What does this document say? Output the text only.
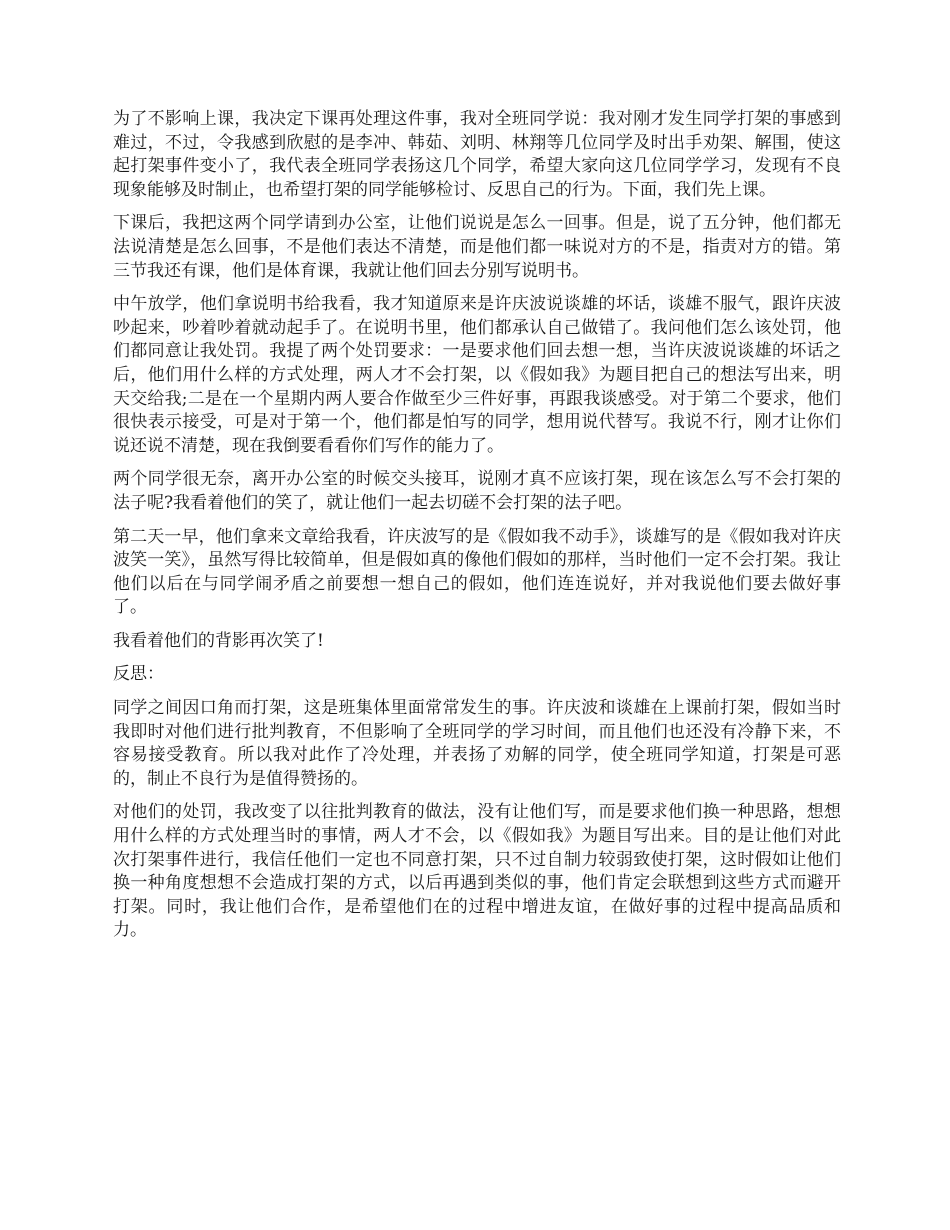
为了不影响上课，我决定下课再处理这件事，我对全班同学说：我对刚才发生同学打架的事感到难过，不过，令我感到欣慰的是李冲、韩茹、刘明、林翔等几位同学及时出手劝架、解围，使这起打架事件变小了，我代表全班同学表扬这几个同学，希望大家向这几位同学学习，发现有不良现象能够及时制止，也希望打架的同学能够检讨、反思自己的行为。下面，我们先上课。

下课后，我把这两个同学请到办公室，让他们说说是怎么一回事。但是，说了五分钟，他们都无法说清楚是怎么回事，不是他们表达不清楚，而是他们都一味说对方的不是，指责对方的错。第三节我还有课，他们是体育课，我就让他们回去分别写说明书。

中午放学，他们拿说明书给我看，我才知道原来是许庆波说谈雄的坏话，谈雄不服气，跟许庆波吵起来，吵着吵着就动起手了。在说明书里，他们都承认自己做错了。我问他们怎么该处罚，他们都同意让我处罚。我提了两个处罚要求：一是要求他们回去想一想，当许庆波说谈雄的坏话之后，他们用什么样的方式处理，两人才不会打架，以《假如我》为题目把自己的想法写出来，明天交给我;二是在一个星期内两人要合作做至少三件好事，再跟我谈感受。对于第二个要求，他们很快表示接受，可是对于第一个，他们都是怕写的同学，想用说代替写。我说不行，刚才让你们说还说不清楚，现在我倒要看看你们写作的能力了。

两个同学很无奈，离开办公室的时候交头接耳，说刚才真不应该打架，现在该怎么写不会打架的法子呢?我看着他们的笑了，就让他们一起去切磋不会打架的法子吧。

第二天一早，他们拿来文章给我看，许庆波写的是《假如我不动手》，谈雄写的是《假如我对许庆波笑一笑》，虽然写得比较简单，但是假如真的像他们假如的那样，当时他们一定不会打架。我让他们以后在与同学闹矛盾之前要想一想自己的假如，他们连连说好，并对我说他们要去做好事了。

我看着他们的背影再次笑了!

反思：

同学之间因口角而打架，这是班集体里面常常发生的事。许庆波和谈雄在上课前打架，假如当时我即时对他们进行批判教育，不但影响了全班同学的学习时间，而且他们也还没有冷静下来，不容易接受教育。所以我对此作了冷处理，并表扬了劝解的同学，使全班同学知道，打架是可恶的，制止不良行为是值得赞扬的。

对他们的处罚，我改变了以往批判教育的做法，没有让他们写，而是要求他们换一种思路，想想用什么样的方式处理当时的事情，两人才不会，以《假如我》为题目写出来。目的是让他们对此次打架事件进行，我信任他们一定也不同意打架，只不过自制力较弱致使打架，这时假如让他们换一种角度想想不会造成打架的方式，以后再遇到类似的事，他们肯定会联想到这些方式而避开打架。同时，我让他们合作，是希望他们在的过程中增进友谊，在做好事的过程中提高品质和力。
